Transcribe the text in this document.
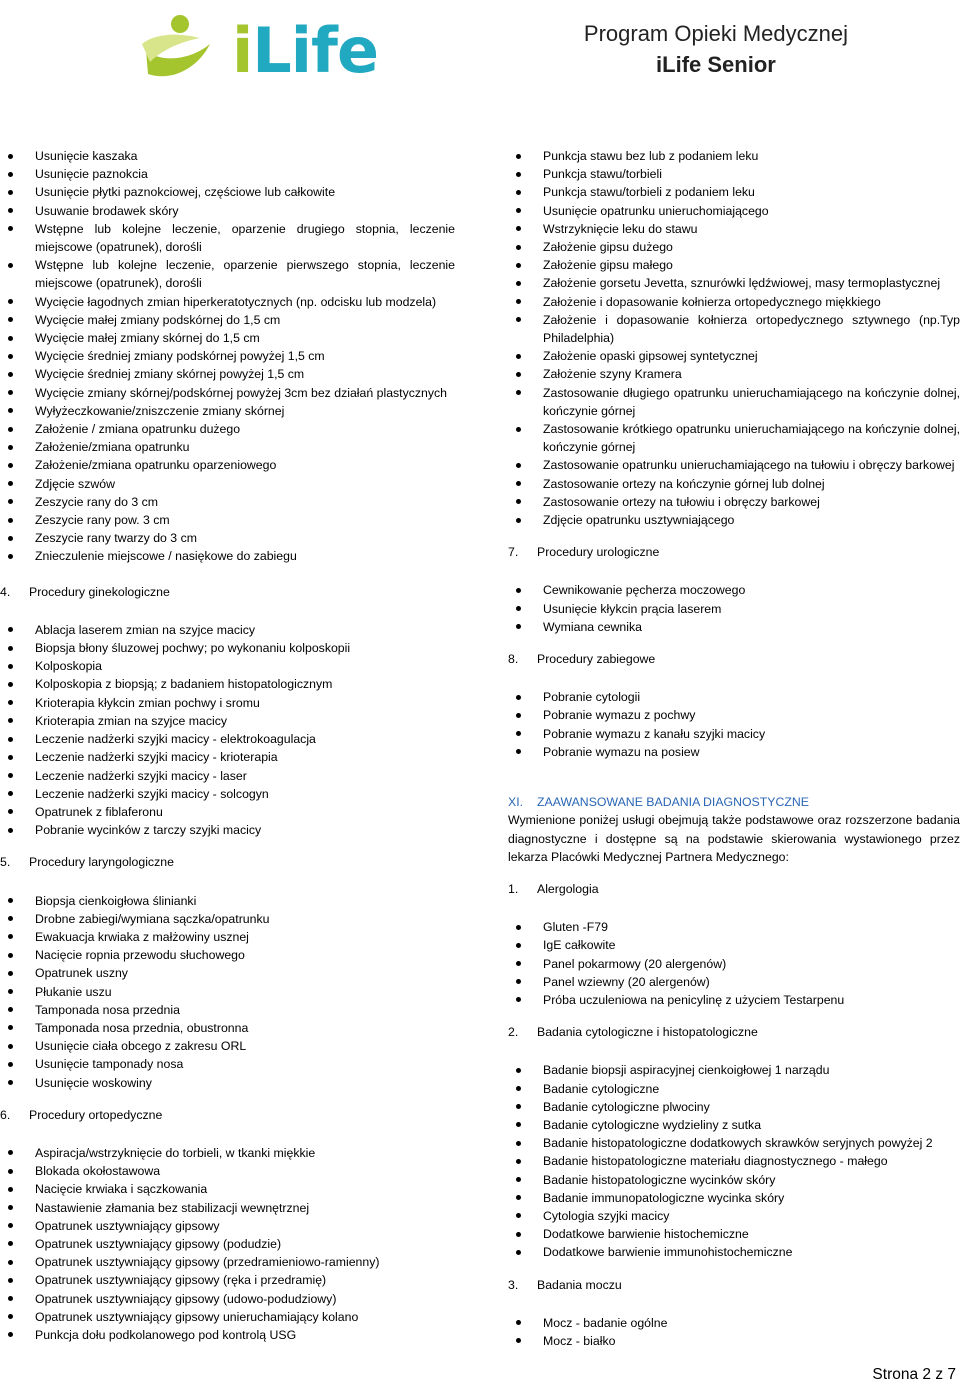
iLife	Program Opieki Medycznej
iLife Senior
Usunięcie kaszaka
Usunięcie paznokcia
Usunięcie płytki paznokciowej, częściowe lub całkowite
Usuwanie brodawek skóry
Wstępne lub kolejne leczenie, oparzenie drugiego stopnia, leczenie miejscowe (opatrunek), dorośli
Wstępne lub kolejne leczenie, oparzenie pierwszego stopnia, leczenie miejscowe (opatrunek), dorośli
Wycięcie łagodnych zmian hiperkeratotycznych (np. odcisku lub modzela)
Wycięcie małej zmiany podskórnej do 1,5 cm
Wycięcie małej zmiany skórnej do 1,5 cm
Wycięcie średniej zmiany podskórnej powyżej 1,5 cm
Wycięcie średniej zmiany skórnej powyżej 1,5 cm
Wycięcie zmiany skórnej/podskórnej powyżej 3cm bez działań plastycznych
Wyłyżeczkowanie/zniszczenie zmiany skórnej
Założenie / zmiana opatrunku dużego
Założenie/zmiana opatrunku
Założenie/zmiana opatrunku oparzeniowego
Zdjęcie szwów
Zeszycie rany do 3 cm
Zeszycie rany pow. 3 cm
Zeszycie rany twarzy do 3 cm
Znieczulenie miejscowe / nasiękowe do zabiegu
4.	Procedury ginekologiczne
Ablacja laserem zmian na szyjce macicy
Biopsja błony śluzowej pochwy; po wykonaniu kolposkopii
Kolposkopia
Kolposkopia z biopsją; z badaniem histopatologicznym
Krioterapia kłykcin zmian pochwy i sromu
Krioterapia zmian na szyjce macicy
Leczenie nadżerki szyjki macicy - elektrokoagulacja
Leczenie nadżerki szyjki macicy - krioterapia
Leczenie nadżerki szyjki macicy - laser
Leczenie nadżerki szyjki macicy - solcogyn
Opatrunek z fiblaferonu
Pobranie wycinków z tarczy szyjki macicy
5.	Procedury laryngologiczne
Biopsja cienkoigłowa ślinianki
Drobne zabiegi/wymiana sączka/opatrunku
Ewakuacja krwiaka z małżowiny usznej
Nacięcie ropnia przewodu słuchowego
Opatrunek uszny
Płukanie uszu
Tamponada nosa przednia
Tamponada nosa przednia, obustronna
Usunięcie ciała obcego z zakresu ORL
Usunięcie tamponady nosa
Usunięcie woskowiny
6.	Procedury ortopedyczne
Aspiracja/wstrzyknięcie do torbieli, w tkanki miękkie
Blokada okołostawowa
Nacięcie krwiaka i sączkowania
Nastawienie złamania bez stabilizacji wewnętrznej
Opatrunek usztywniający gipsowy
Opatrunek usztywniający gipsowy (podudzie)
Opatrunek usztywniający gipsowy (przedramieniowo-ramienny)
Opatrunek usztywniający gipsowy (ręka i przedramię)
Opatrunek usztywniający gipsowy (udowo-podudziowy)
Opatrunek usztywniający gipsowy unieruchamiający kolano
Punkcja dołu podkolanowego pod kontrolą USG
Punkcja stawu bez lub z podaniem leku
Punkcja stawu/torbieli
Punkcja stawu/torbieli z podaniem leku
Usunięcie opatrunku unieruchomiającego
Wstrzyknięcie leku do stawu
Założenie gipsu dużego
Założenie gipsu małego
Założenie gorsetu Jevetta, sznurówki lędźwiowej, masy termoplastycznej
Założenie i dopasowanie kołnierza ortopedycznego miękkiego
Założenie i dopasowanie kołnierza ortopedycznego sztywnego (np.Typ Philadelphia)
Założenie opaski gipsowej syntetycznej
Założenie szyny Kramera
Zastosowanie długiego opatrunku unieruchamiającego na kończynie dolnej, kończynie górnej
Zastosowanie krótkiego opatrunku unieruchamiającego na kończynie dolnej, kończynie górnej
Zastosowanie opatrunku unieruchamiającego na tułowiu i obręczy barkowej
Zastosowanie ortezy na kończynie górnej lub dolnej
Zastosowanie ortezy na tułowiu i obręczy barkowej
Zdjęcie opatrunku usztywniającego
7.	Procedury urologiczne
Cewnikowanie pęcherza moczowego
Usunięcie kłykcin prącia laserem
Wymiana cewnika
8.	Procedury zabiegowe
Pobranie cytologii
Pobranie wymazu z pochwy
Pobranie wymazu z kanału szyjki macicy
Pobranie wymazu na posiew
XI.	ZAAWANSOWANE BADANIA DIAGNOSTYCZNE

Wymienione poniżej usługi obejmują także podstawowe oraz rozszerzone badania diagnostyczne i dostępne są na podstawie skierowania wystawionego przez lekarza Placówki Medycznej Partnera Medycznego:

1.	Alergologia
Gluten -F79
IgE całkowite
Panel pokarmowy (20 alergenów)
Panel wziewny (20 alergenów)
Próba uczuleniowa na penicylinę z użyciem Testarpenu
2.	Badania cytologiczne i histopatologiczne
Badanie biopsji aspiracyjnej cienkoigłowej 1 narządu
Badanie cytologiczne
Badanie cytologiczne plwociny
Badanie cytologiczne wydzieliny z sutka
Badanie histopatologiczne dodatkowych skrawków seryjnych powyżej 2
Badanie histopatologiczne materiału diagnostycznego - małego
Badanie histopatologiczne wycinków skóry
Badanie immunopatologiczne wycinka skóry
Cytologia szyjki macicy
Dodatkowe barwienie histochemiczne
Dodatkowe barwienie immunohistochemiczne
3.	Badania moczu
Mocz - badanie ogólne
Mocz - białko
Strona 2 z 7
